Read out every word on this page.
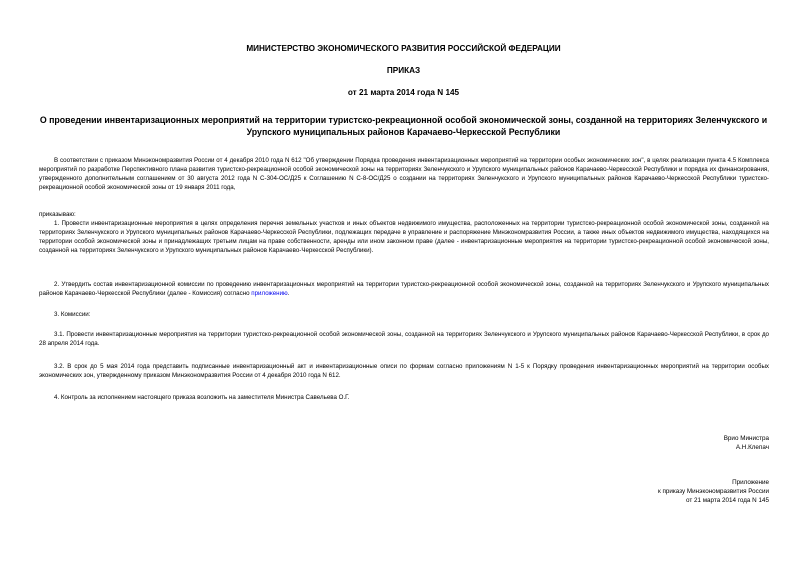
МИНИСТЕРСТВО ЭКОНОМИЧЕСКОГО РАЗВИТИЯ РОССИЙСКОЙ ФЕДЕРАЦИИ
ПРИКАЗ
от 21 марта 2014 года N 145
О проведении инвентаризационных мероприятий на территории туристско-рекреационной особой экономической зоны, созданной на территориях Зеленчукского и Урупского муниципальных районов Карачаево-Черкесской Республики
В соответствии с приказом Минэкономразвития России от 4 декабря 2010 года N 612 "Об утверждении Порядка проведения инвентаризационных мероприятий на территории особых экономических зон", в целях реализации пункта 4.5 Комплекса мероприятий по разработке Перспективного плана развития туристско-рекреационной особой экономической зоны на территориях Зеленчукского и Урупского муниципальных районов Карачаево-Черкесской Республики и порядка их финансирования, утвержденного дополнительным соглашением от 30 августа 2012 года N С-304-ОС/Д25 к Соглашению N С-8-ОС/Д25 о создании на территориях Зеленчукского и Урупского муниципальных районов Карачаево-Черкесской Республики туристско-рекреационной особой экономической зоны от 19 января 2011 года,
приказываю:
1. Провести инвентаризационные мероприятия в целях определения перечня земельных участков и иных объектов недвижимого имущества, расположенных на территории туристско-рекреационной особой экономической зоны, созданной на территориях Зеленчукского и Урупского муниципальных районов Карачаево-Черкесской Республики, подлежащих передаче в управление и распоряжение Минэкономразвития России, а также иных объектов недвижимого имущества, находящихся на территории особой экономической зоны и принадлежащих третьим лицам на праве собственности, аренды или ином законном праве (далее - инвентаризационные мероприятия на территории туристско-рекреационной особой экономической зоны, созданной на территориях Зеленчукского и Урупского муниципальных районов Карачаево-Черкесской Республики).
2. Утвердить состав инвентаризационной комиссии по проведению инвентаризационных мероприятий на территории туристско-рекреационной особой экономической зоны, созданной на территориях Зеленчукского и Урупского муниципальных районов Карачаево-Черкесской Республики (далее - Комиссия) согласно приложению.
3. Комиссии:
3.1. Провести инвентаризационные мероприятия на территории туристско-рекреационной особой экономической зоны, созданной на территориях Зеленчукского и Урупского муниципальных районов Карачаево-Черкесской Республики, в срок до 28 апреля 2014 года.
3.2. В срок до 5 мая 2014 года представить подписанные инвентаризационный акт и инвентаризационные описи по формам согласно приложениям N 1-5 к Порядку проведения инвентаризационных мероприятий на территории особых экономических зон, утвержденному приказом Минэкономразвития России от 4 декабря 2010 года N 612.
4. Контроль за исполнением настоящего приказа возложить на заместителя Министра Савельева О.Г.
Врио Министра
А.Н.Клепач
Приложение
к приказу Минэкономразвития России
от 21 марта 2014 года N 145
